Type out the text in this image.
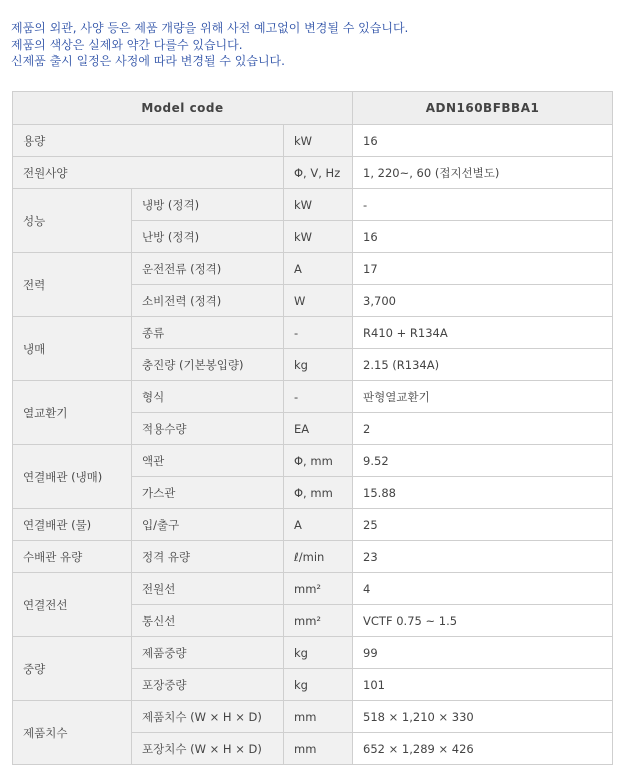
제품의 외관, 사양 등은 제품 개량을 위해 사전 예고없이 변경될 수 있습니다.
제품의 색상은 실제와 약간 다를수 있습니다.
신제품 출시 일정은 사정에 따라 변경될 수 있습니다.
Model code			ADN160BFBBA1
용량		kW	16
전원사양		Φ, V, Hz	1, 220~, 60 (접지선별도)
성능	냉방 (정격)	kW	-
	난방 (정격)	kW	16
전력	운전전류 (정격)	A	17
	소비전력 (정격)	W	3,700
냉매	종류	-	R410 + R134A
	충진량 (기본봉입량)	kg	2.15 (R134A)
열교환기	형식	-	판형열교환기
	적용수량	EA	2
연결배관 (냉매)	액관	Φ, mm	9.52
	가스관	Φ, mm	15.88
연결배관 (물)	입/출구	A	25
수배관 유량	정격 유량	ℓ/min	23
연결전선	전원선	mm²	4
	통신선	mm²	VCTF 0.75 ~ 1.5
중량	제품중량	kg	99
	포장중량	kg	101
제품치수	제품치수 (W × H × D)	mm	518 × 1,210 × 330
	포장치수 (W × H × D)	mm	652 × 1,289 × 426
